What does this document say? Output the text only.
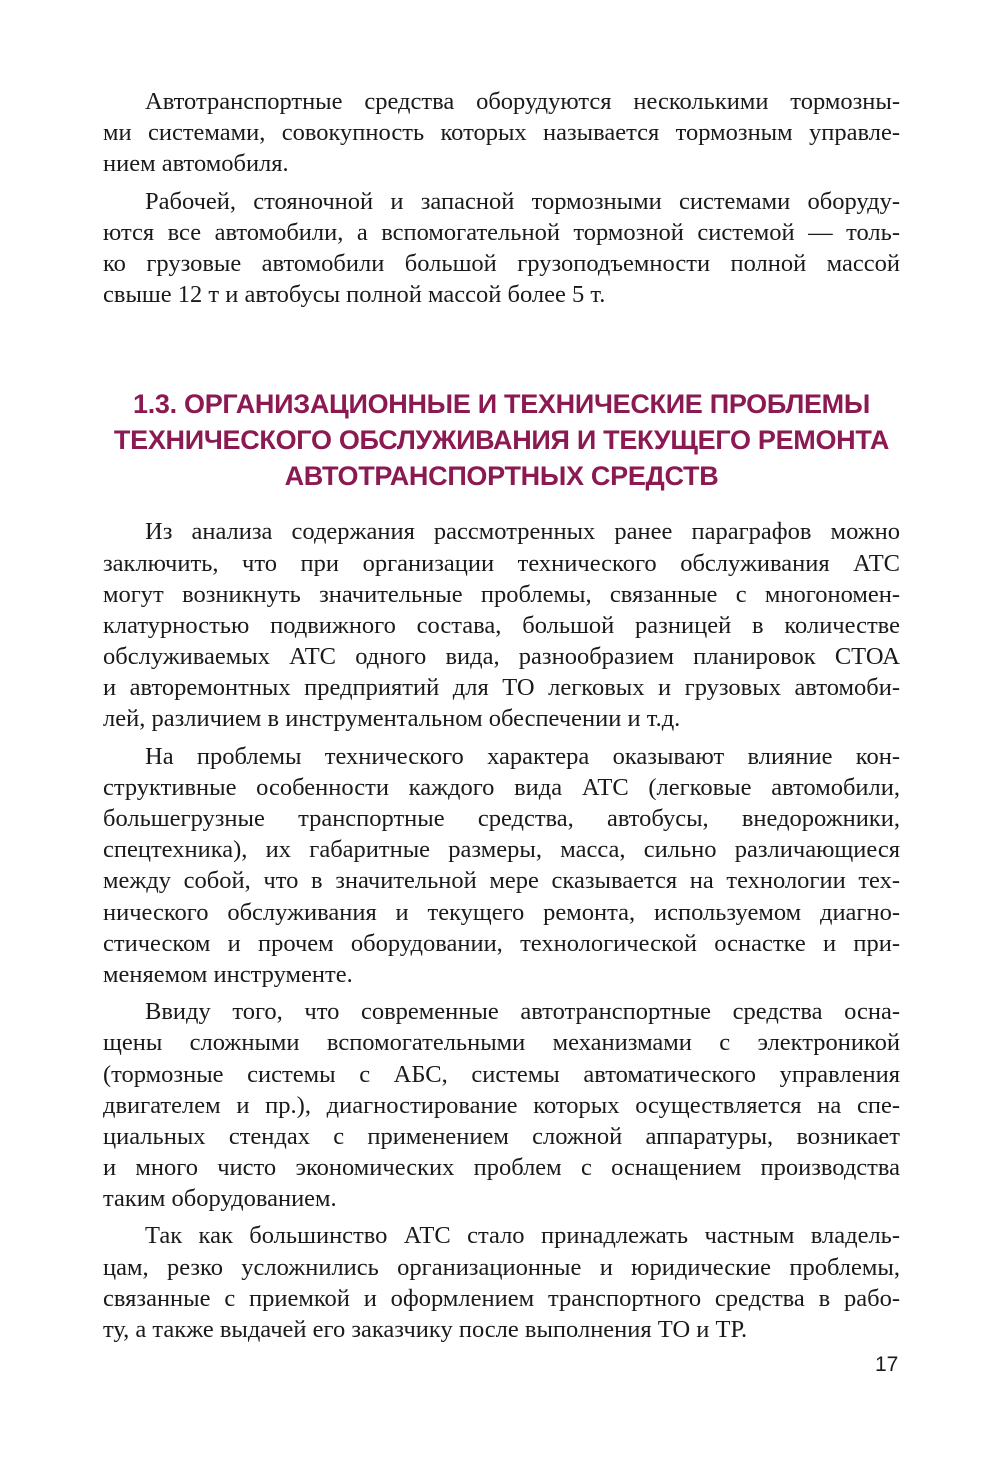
Автотранспортные средства оборудуются несколькими тормозны-
ми системами, совокупность которых называется тормозным управле-
нием автомобиля.
Рабочей, стояночной и запасной тормозными системами оборуду-
ются все автомобили, а вспомогательной тормозной системой — толь-
ко грузовые автомобили большой грузоподъемности полной массой
свыше 12 т и автобусы полной массой более 5 т.
1.3. ОРГАНИЗАЦИОННЫЕ И ТЕХНИЧЕСКИЕ ПРОБЛЕМЫ
ТЕХНИЧЕСКОГО ОБСЛУЖИВАНИЯ И ТЕКУЩЕГО РЕМОНТА
АВТОТРАНСПОРТНЫХ СРЕДСТВ
Из анализа содержания рассмотренных ранее параграфов можно
заключить, что при организации технического обслуживания АТС
могут возникнуть значительные проблемы, связанные с многономен-
клатурностью подвижного состава, большой разницей в количестве
обслуживаемых АТС одного вида, разнообразием планировок СТОА
и авторемонтных предприятий для ТО легковых и грузовых автомоби-
лей, различием в инструментальном обеспечении и т.д.
На проблемы технического характера оказывают влияние кон-
структивные особенности каждого вида АТС (легковые автомобили,
большегрузные транспортные средства, автобусы, внедорожники,
спецтехника), их габаритные размеры, масса, сильно различающиеся
между собой, что в значительной мере сказывается на технологии тех-
нического обслуживания и текущего ремонта, используемом диагно-
стическом и прочем оборудовании, технологической оснастке и при-
меняемом инструменте.
Ввиду того, что современные автотранспортные средства осна-
щены сложными вспомогательными механизмами с электроникой
(тормозные системы с АБС, системы автоматического управления
двигателем и пр.), диагностирование которых осуществляется на спе-
циальных стендах с применением сложной аппаратуры, возникает
и много чисто экономических проблем с оснащением производства
таким оборудованием.
Так как большинство АТС стало принадлежать частным владель-
цам, резко усложнились организационные и юридические проблемы,
связанные с приемкой и оформлением транспортного средства в рабо-
ту, а также выдачей его заказчику после выполнения ТО и ТР.
17
